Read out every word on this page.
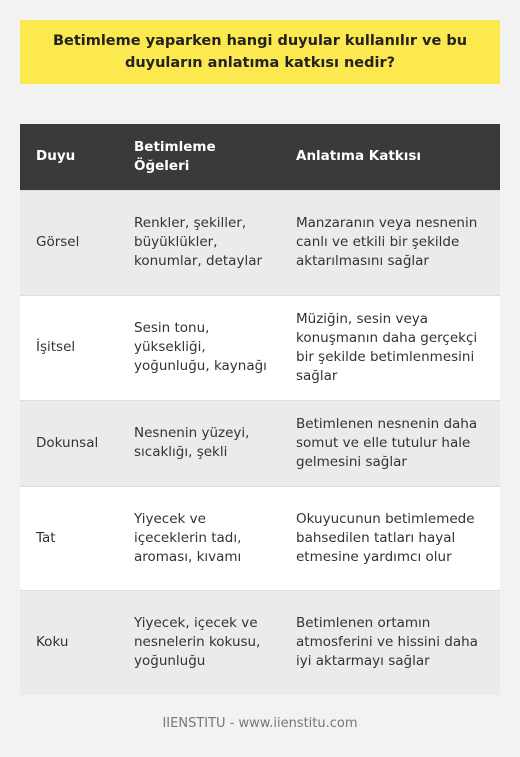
Betimleme yaparken hangi duyular kullanılır ve bu duyuların anlatıma katkısı nedir?
Duyu	Betimleme Öğeleri	Anlatıma Katkısı
Görsel	Renkler, şekiller, büyüklükler, konumlar, detaylar	Manzaranın veya nesnenin canlı ve etkili bir şekilde aktarılmasını sağlar
İşitsel	Sesin tonu, yüksekliği, yoğunluğu, kaynağı	Müziğin, sesin veya konuşmanın daha gerçekçi bir şekilde betimlenmesini sağlar
Dokunsal	Nesnenin yüzeyi, sıcaklığı, şekli	Betimlenen nesnenin daha somut ve elle tutulur hale gelmesini sağlar
Tat	Yiyecek ve içeceklerin tadı, aroması, kıvamı	Okuyucunun betimlemede bahsedilen tatları hayal etmesine yardımcı olur
Koku	Yiyecek, içecek ve nesnelerin kokusu, yoğunluğu	Betimlenen ortamın atmosferini ve hissini daha iyi aktarmayı sağlar
IIENSTITU - www.iienstitu.com
